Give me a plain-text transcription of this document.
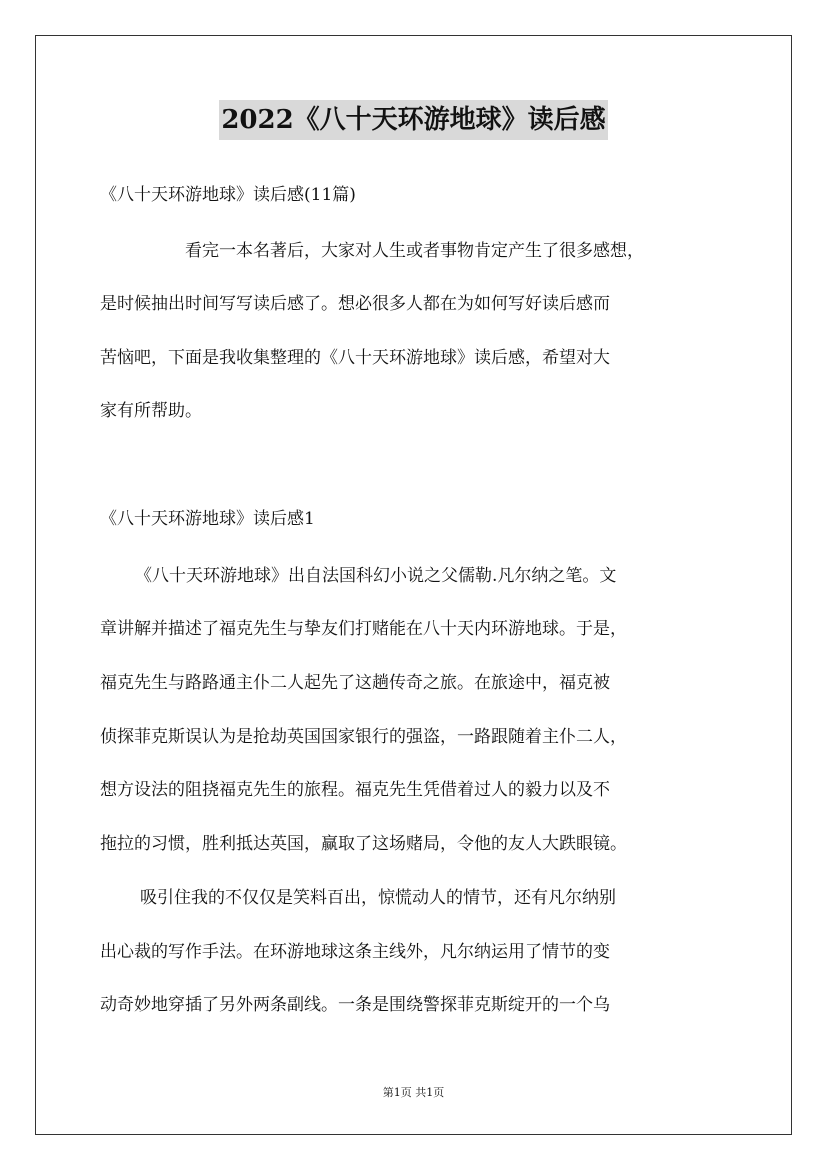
2022《八十天环游地球》读后感
《八十天环游地球》读后感(11篇)
看完一本名著后，大家对人生或者事物肯定产生了很多感想，
是时候抽出时间写写读后感了。想必很多人都在为如何写好读后感而
苦恼吧，下面是我收集整理的《八十天环游地球》读后感，希望对大
家有所帮助。
《八十天环游地球》读后感1
《八十天环游地球》出自法国科幻小说之父儒勒.凡尔纳之笔。文
章讲解并描述了福克先生与挚友们打赌能在八十天内环游地球。于是，
福克先生与路路通主仆二人起先了这趟传奇之旅。在旅途中，福克被
侦探菲克斯误认为是抢劫英国国家银行的强盗，一路跟随着主仆二人，
想方设法的阻挠福克先生的旅程。福克先生凭借着过人的毅力以及不
拖拉的习惯，胜利抵达英国，赢取了这场赌局，令他的友人大跌眼镜。
吸引住我的不仅仅是笑料百出，惊慌动人的情节，还有凡尔纳别
出心裁的写作手法。在环游地球这条主线外，凡尔纳运用了情节的变
动奇妙地穿插了另外两条副线。一条是围绕警探菲克斯绽开的一个乌
第1页 共1页
